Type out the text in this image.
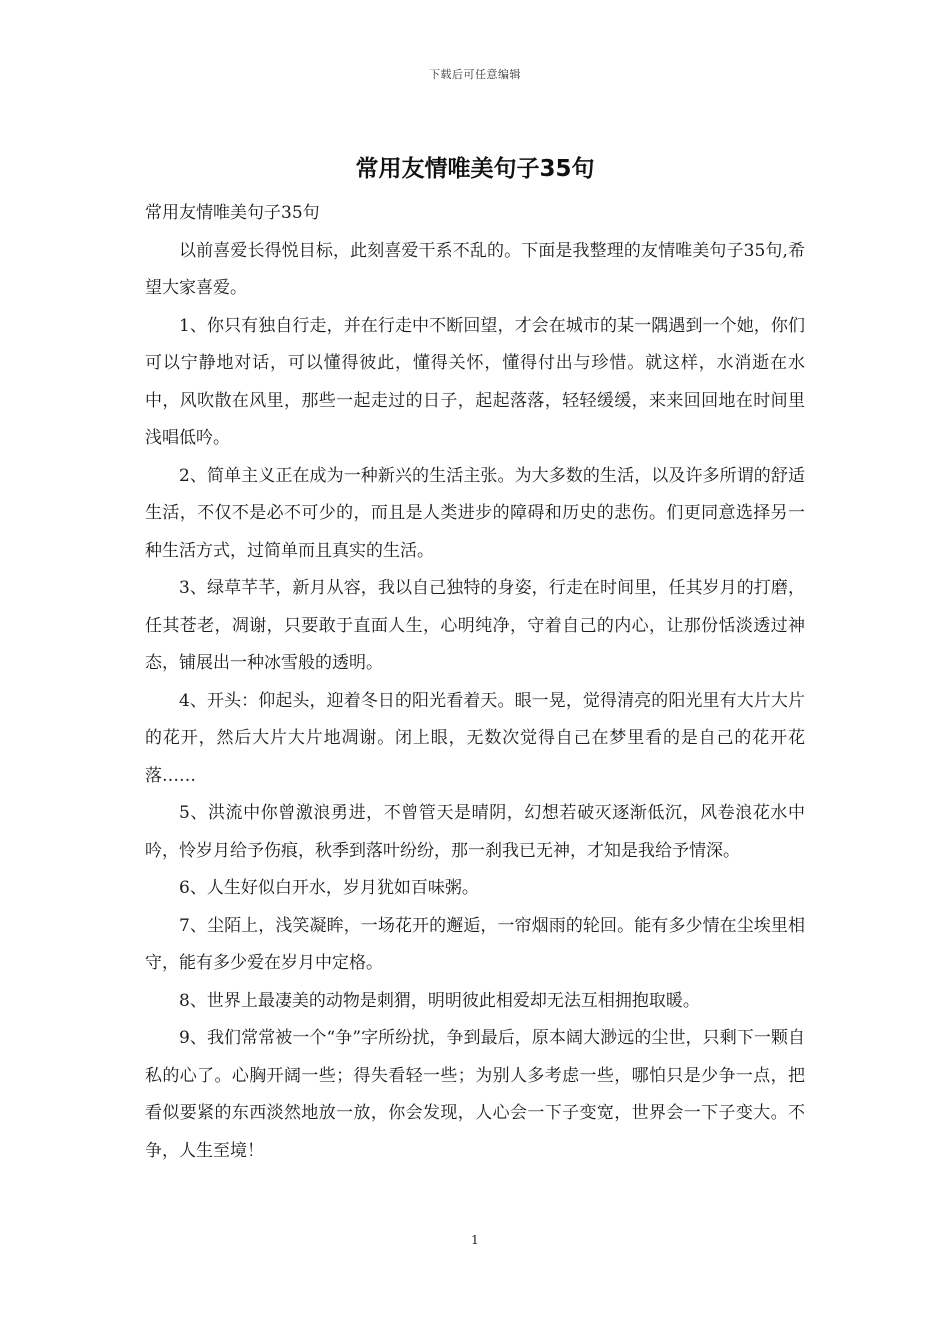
下载后可任意编辑
常用友情唯美句子35句

常用友情唯美句子35句

以前喜爱长得悦目标，此刻喜爱干系不乱的。下面是我整理的友情唯美句子35句,希望大家喜爱。

1、你只有独自行走，并在行走中不断回望，才会在城市的某一隅遇到一个她，你们可以宁静地对话，可以懂得彼此，懂得关怀，懂得付出与珍惜。就这样，水消逝在水中，风吹散在风里，那些一起走过的日子，起起落落，轻轻缓缓，来来回回地在时间里浅唱低吟。

2、简单主义正在成为一种新兴的生活主张。为大多数的生活，以及许多所谓的舒适生活，不仅不是必不可少的，而且是人类进步的障碍和历史的悲伤。们更同意选择另一种生活方式，过简单而且真实的生活。

3、绿草芊芊，新月从容，我以自己独特的身姿，行走在时间里，任其岁月的打磨，任其苍老，凋谢，只要敢于直面人生，心明纯净，守着自己的内心，让那份恬淡透过神态，铺展出一种冰雪般的透明。

4、开头：仰起头，迎着冬日的阳光看着天。眼一晃，觉得清亮的阳光里有大片大片的花开，然后大片大片地凋谢。闭上眼，无数次觉得自己在梦里看的是自己的花开花落……

5、洪流中你曾激浪勇进，不曾管天是晴阴，幻想若破灭逐渐低沉，风卷浪花水中吟，怜岁月给予伤痕，秋季到落叶纷纷，那一刹我已无神，才知是我给予情深。

6、人生好似白开水，岁月犹如百味粥。

7、尘陌上，浅笑凝眸，一场花开的邂逅，一帘烟雨的轮回。能有多少情在尘埃里相守，能有多少爱在岁月中定格。

8、世界上最凄美的动物是刺猬，明明彼此相爱却无法互相拥抱取暖。

9、我们常常被一个“争”字所纷扰，争到最后，原本阔大渺远的尘世，只剩下一颗自私的心了。心胸开阔一些；得失看轻一些；为别人多考虑一些，哪怕只是少争一点，把看似要紧的东西淡然地放一放，你会发现，人心会一下子变宽，世界会一下子变大。不争，人生至境！

1
